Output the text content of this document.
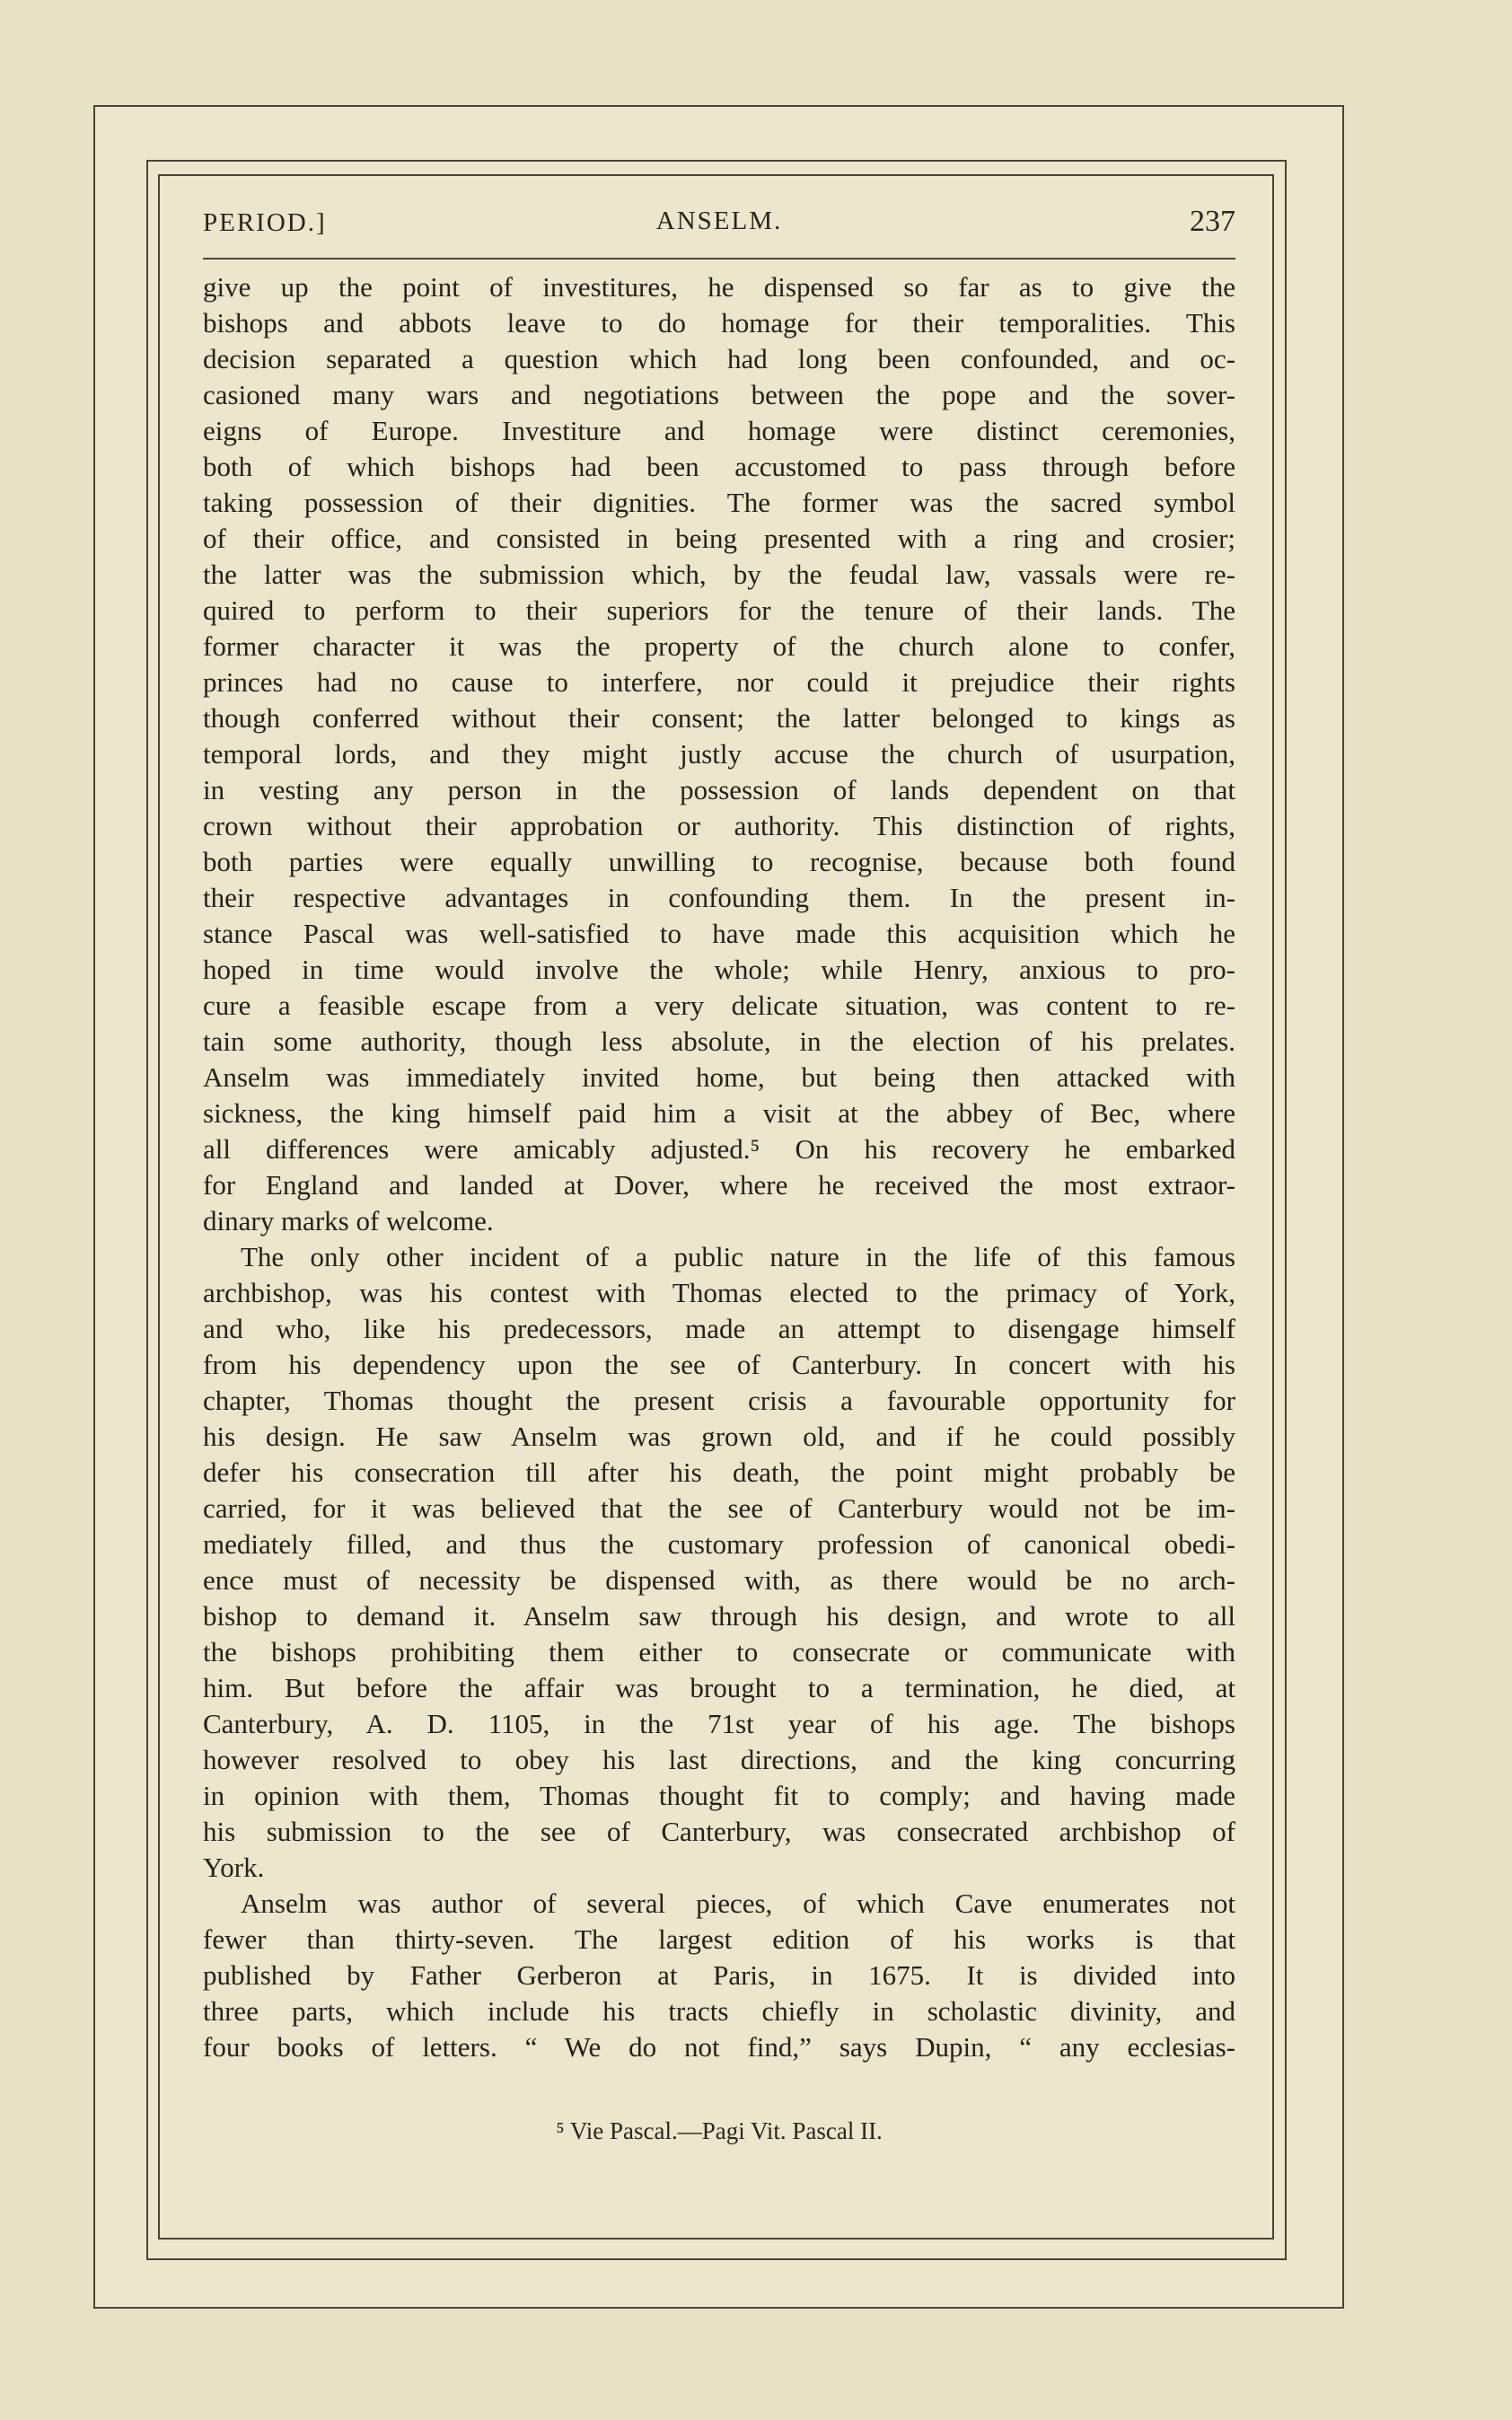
PERIOD.]	ANSELM.	237
give up the point of investitures, he dispensed so far as to give the
bishops and abbots leave to do homage for their temporalities. This
decision separated a question which had long been confounded, and oc-
casioned many wars and negotiations between the pope and the sover-
eigns of Europe. Investiture and homage were distinct ceremonies,
both of which bishops had been accustomed to pass through before
taking possession of their dignities. The former was the sacred symbol
of their office, and consisted in being presented with a ring and crosier;
the latter was the submission which, by the feudal law, vassals were re-
quired to perform to their superiors for the tenure of their lands. The
former character it was the property of the church alone to confer,
princes had no cause to interfere, nor could it prejudice their rights
though conferred without their consent; the latter belonged to kings as
temporal lords, and they might justly accuse the church of usurpation,
in vesting any person in the possession of lands dependent on that
crown without their approbation or authority. This distinction of rights,
both parties were equally unwilling to recognise, because both found
their respective advantages in confounding them. In the present in-
stance Pascal was well-satisfied to have made this acquisition which he
hoped in time would involve the whole; while Henry, anxious to pro-
cure a feasible escape from a very delicate situation, was content to re-
tain some authority, though less absolute, in the election of his prelates.
Anselm was immediately invited home, but being then attacked with
sickness, the king himself paid him a visit at the abbey of Bec, where
all differences were amicably adjusted.⁵ On his recovery he embarked
for England and landed at Dover, where he received the most extraor-
dinary marks of welcome.
The only other incident of a public nature in the life of this famous
archbishop, was his contest with Thomas elected to the primacy of York,
and who, like his predecessors, made an attempt to disengage himself
from his dependency upon the see of Canterbury. In concert with his
chapter, Thomas thought the present crisis a favourable opportunity for
his design. He saw Anselm was grown old, and if he could possibly
defer his consecration till after his death, the point might probably be
carried, for it was believed that the see of Canterbury would not be im-
mediately filled, and thus the customary profession of canonical obedi-
ence must of necessity be dispensed with, as there would be no arch-
bishop to demand it. Anselm saw through his design, and wrote to all
the bishops prohibiting them either to consecrate or communicate with
him. But before the affair was brought to a termination, he died, at
Canterbury, A. D. 1105, in the 71st year of his age. The bishops
however resolved to obey his last directions, and the king concurring
in opinion with them, Thomas thought fit to comply; and having made
his submission to the see of Canterbury, was consecrated archbishop of
York.
Anselm was author of several pieces, of which Cave enumerates not
fewer than thirty-seven. The largest edition of his works is that
published by Father Gerberon at Paris, in 1675. It is divided into
three parts, which include his tracts chiefly in scholastic divinity, and
four books of letters. “ We do not find,” says Dupin, “ any ecclesias-
⁵ Vie Pascal.—Pagi Vit. Pascal II.
